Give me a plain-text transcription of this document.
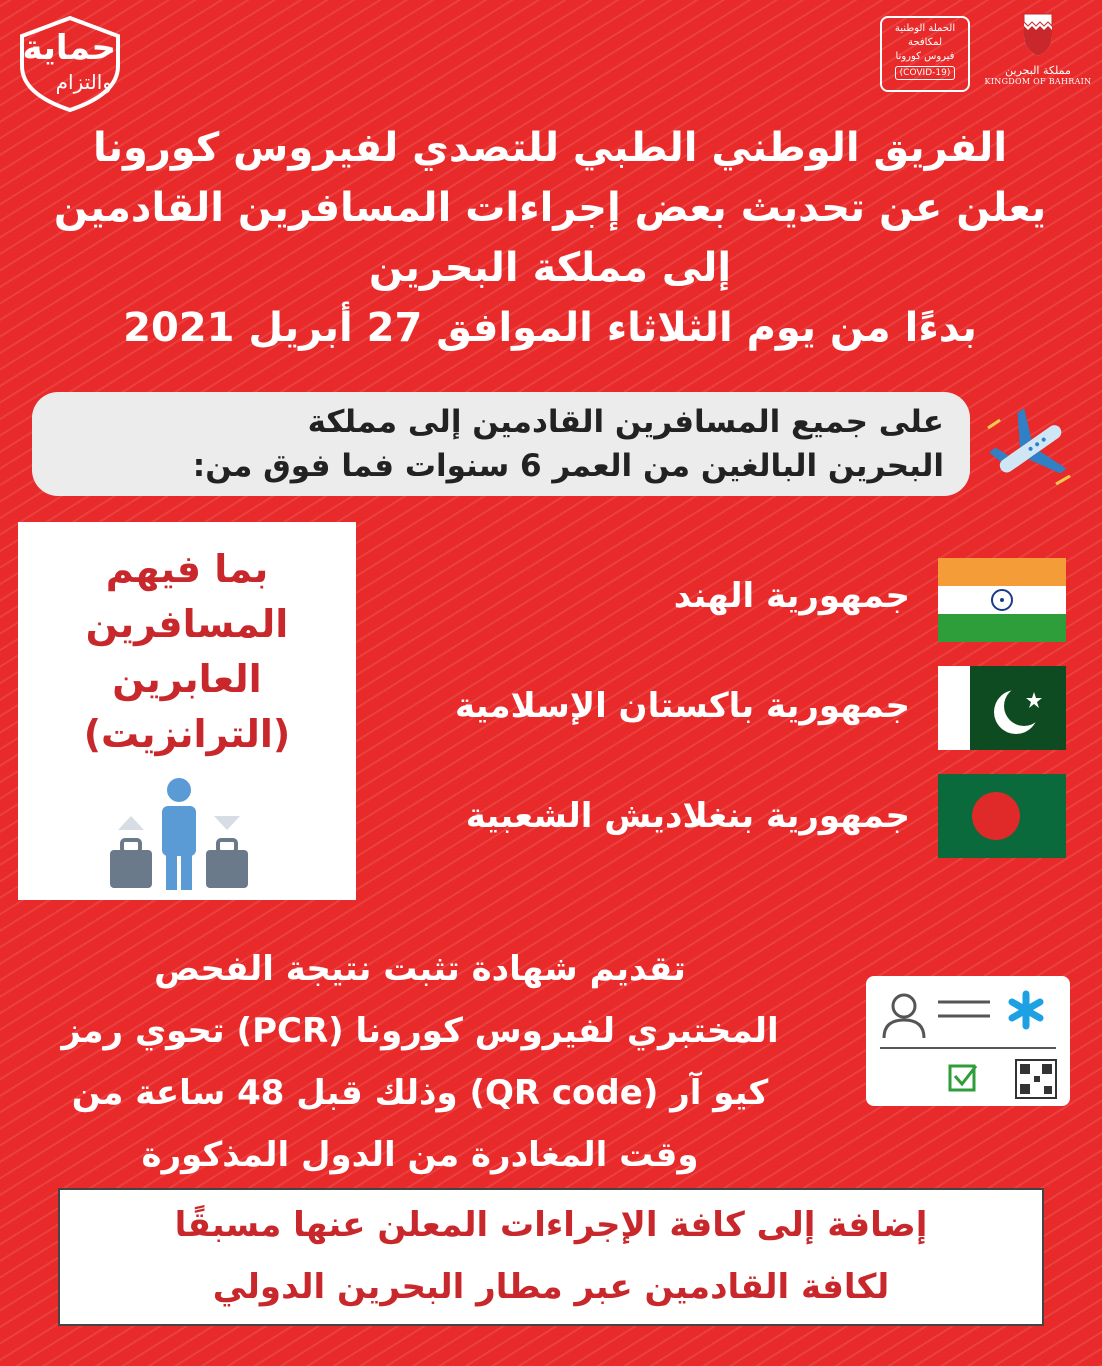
حماية
والتزام
الحملة الوطنية
لمكافحة
فيروس كورونا
(COVID-19)	مملكة البحرين
KINGDOM OF BAHRAIN
الفريق الوطني الطبي للتصدي لفيروس كورونا
يعلن عن تحديث بعض إجراءات المسافرين القادمين
إلى مملكة البحرين
بدءًا من يوم الثلاثاء الموافق 27 أبريل 2021
على جميع المسافرين القادمين إلى مملكة
البحرين البالغين من العمر 6 سنوات فما فوق من:
بما فيهم
المسافرين
العابرين
(الترانزيت)
جمهورية الهند
جمهورية باكستان الإسلامية
جمهورية بنغلاديش الشعبية
تقديم شهادة تثبت نتيجة الفحص
المختبري لفيروس كورونا (PCR) تحوي رمز
كيو آر (QR code) وذلك قبل 48 ساعة من
وقت المغادرة من الدول المذكورة
إضافة إلى كافة الإجراءات المعلن عنها مسبقًا
لكافة القادمين عبر مطار البحرين الدولي
